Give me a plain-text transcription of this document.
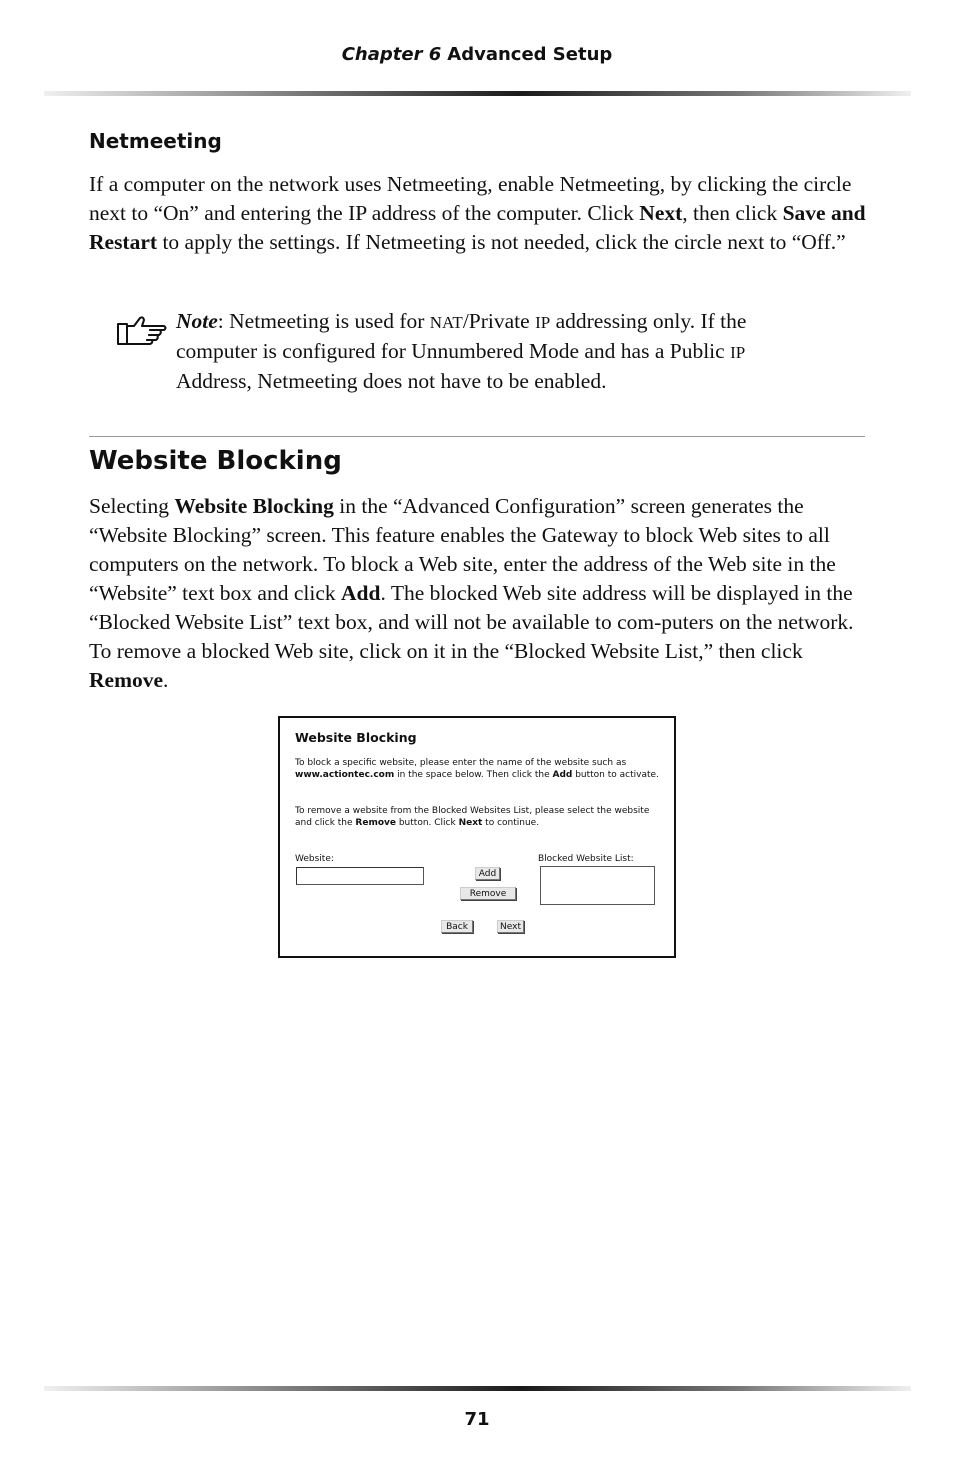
Chapter 6 Advanced Setup
Netmeeting
If a computer on the network uses Netmeeting, enable Netmeeting, by clicking the circle next to “On” and entering the IP address of the computer. Click Next, then click Save and Restart to apply the settings. If Netmeeting is not needed, click the circle next to “Off.”
Note: Netmeeting is used for NAT/Private IP addressing only. If the computer is configured for Unnumbered Mode and has a Public IP Address, Netmeeting does not have to be enabled.
Website Blocking
Selecting Website Blocking in the “Advanced Configuration” screen generates the “Website Blocking” screen. This feature enables the Gateway to block Web sites to all computers on the network. To block a Web site, enter the address of the Web site in the “Website” text box and click Add. The blocked Web site address will be displayed in the “Blocked Website List” text box, and will not be available to com-puters on the network. To remove a blocked Web site, click on it in the “Blocked Website List,” then click Remove.
Website Blocking
To block a specific website, please enter the name of the website such as www.actiontec.com in the space below. Then click the Add button to activate.
To remove a website from the Blocked Websites List, please select the website and click the Remove button. Click Next to continue.
Website:	Blocked Website List:
Add
Remove
Back	Next
71
